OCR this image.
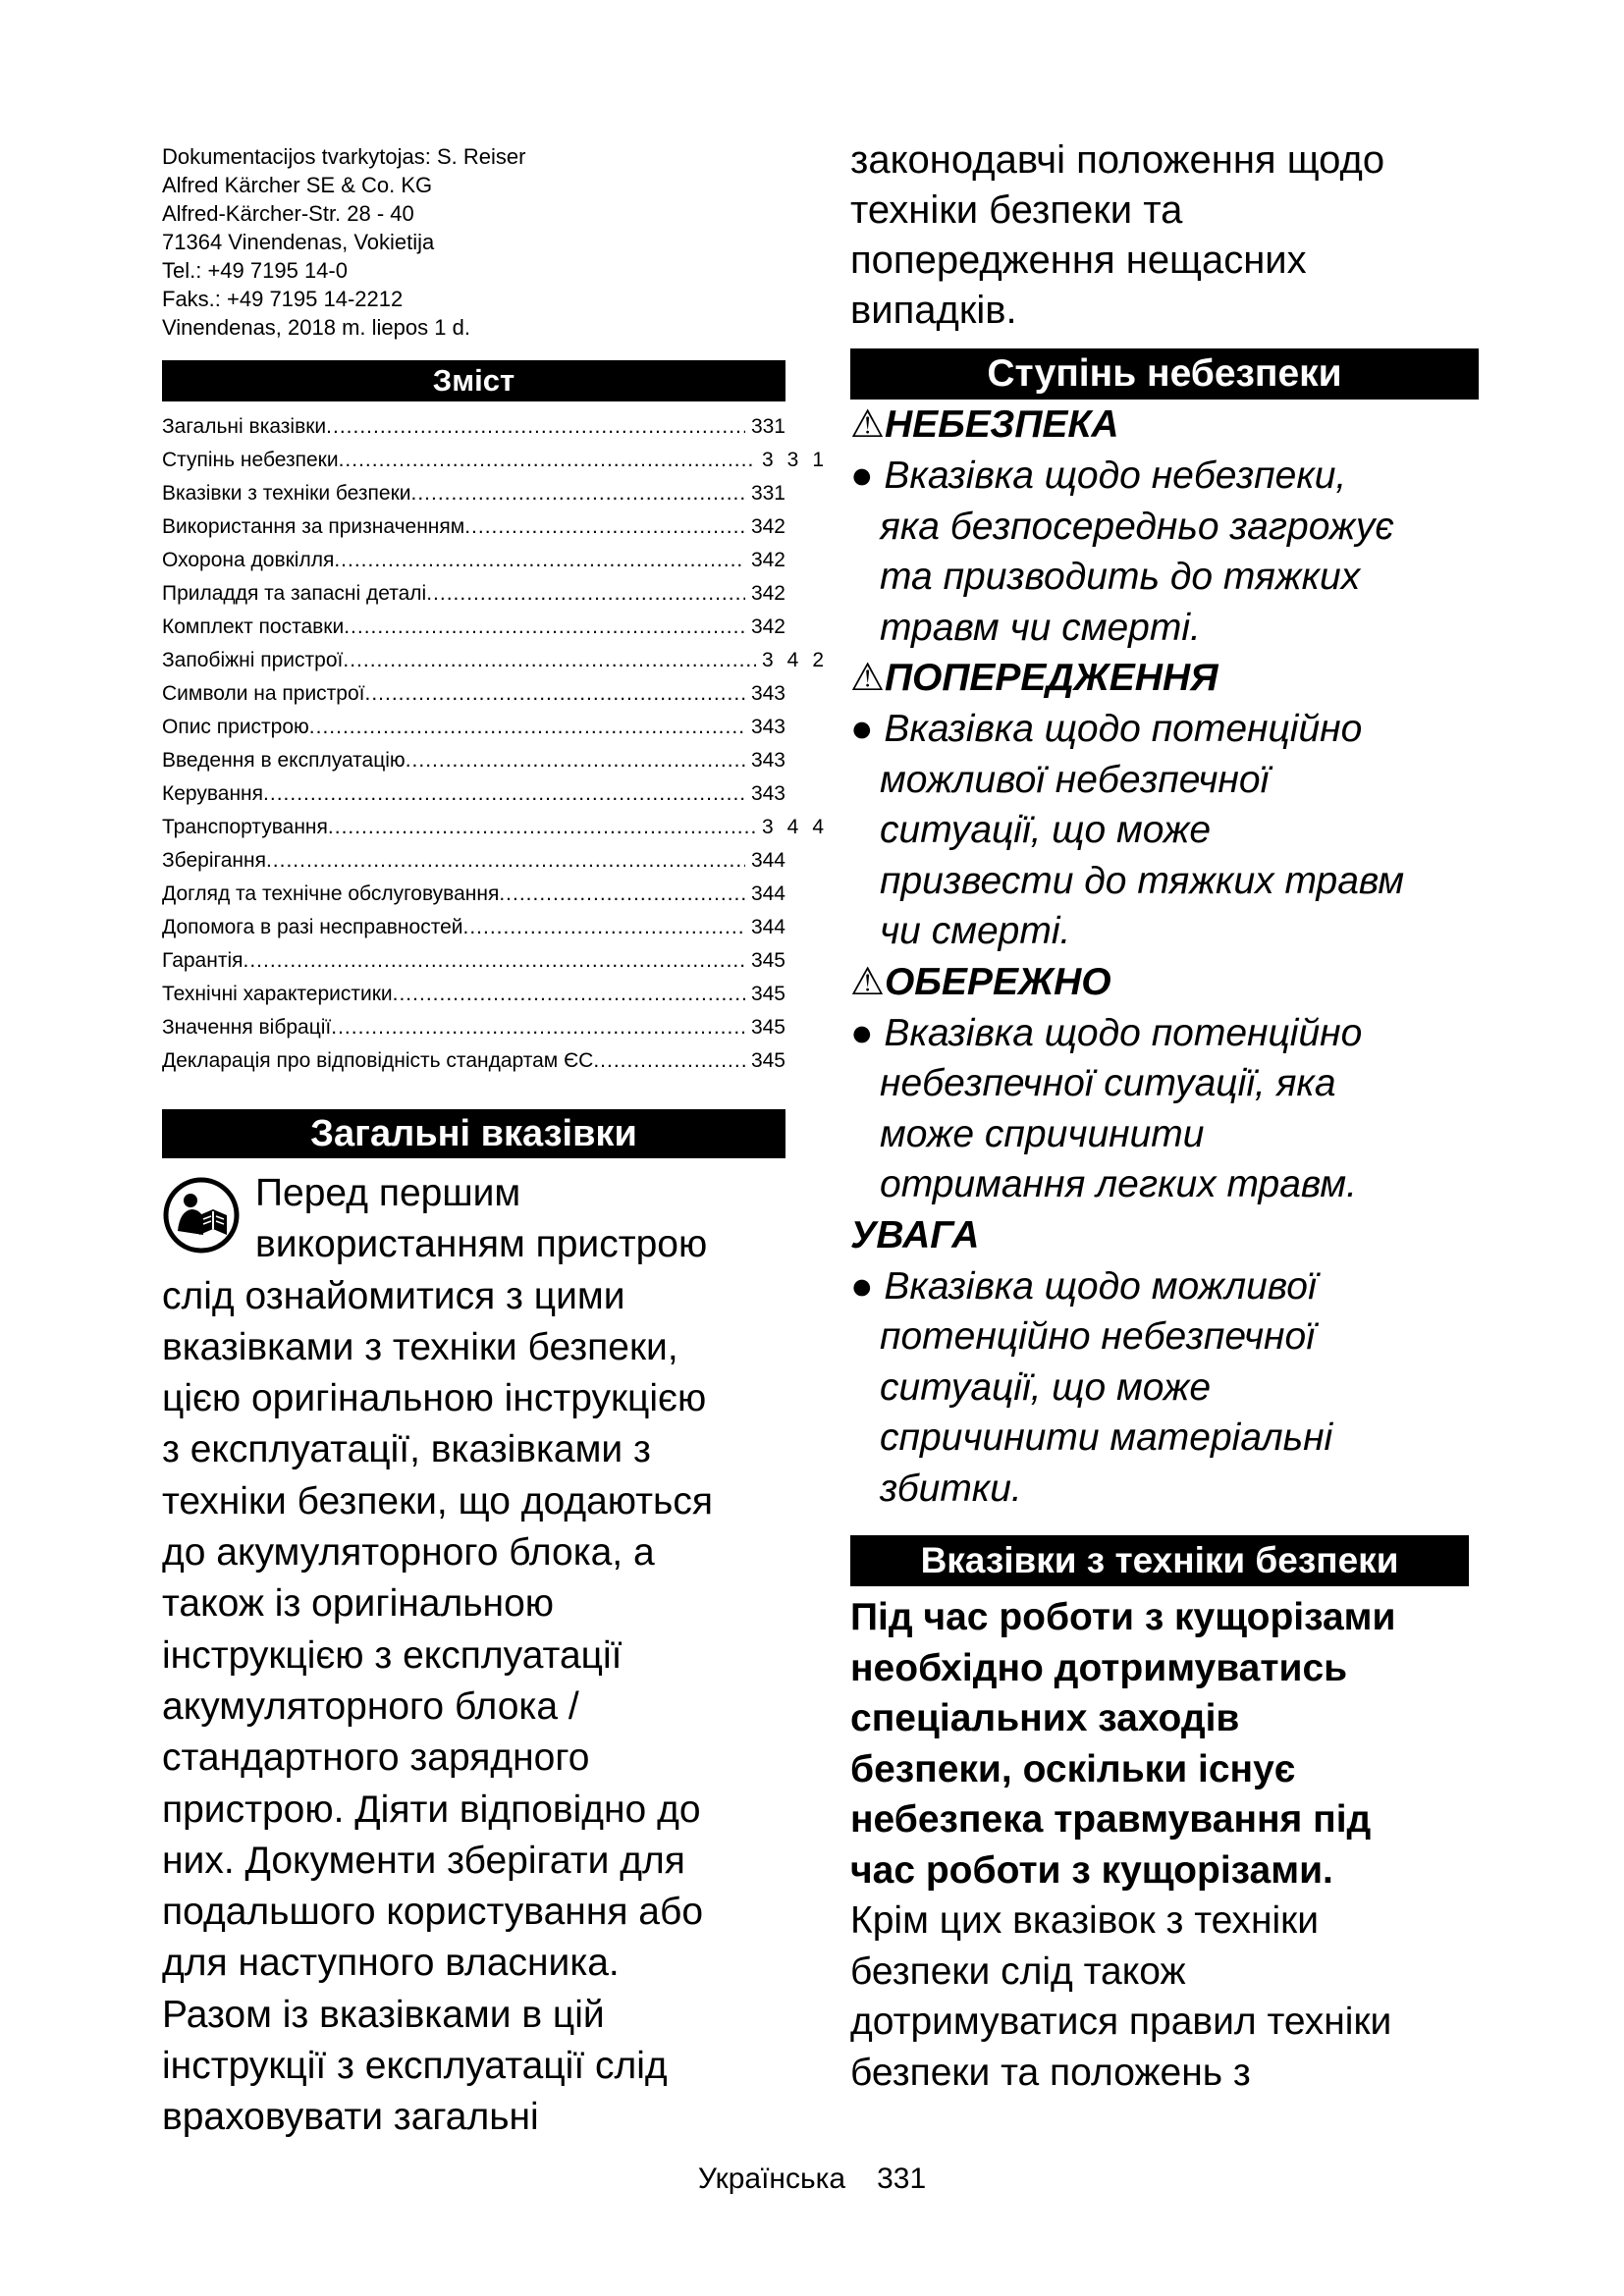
Dokumentacijos tvarkytojas: S. Reiser
Alfred Kärcher SE & Co. KG
Alfred-Kärcher-Str. 28 - 40
71364 Vinendenas, Vokietija
Tel.: +49 7195 14-0
Faks.: +49 7195 14-2212
Vinendenas, 2018 m. liepos 1 d.
Зміст
Загальні вказівки .....	331
Ступінь небезпеки .....	331
Вказівки з техніки безпеки .....	331
Використання за призначенням .....	342
Охорона довкілля .....	342
Приладдя та запасні деталі .....	342
Комплект поставки .....	342
Запобіжні пристрої .....	342
Символи на пристрої .....	343
Опис пристрою .....	343
Введення в експлуатацію .....	343
Керування .....	343
Транспортування .....	344
Зберігання .....	344
Догляд та технічне обслуговування .....	344
Допомога в разі несправностей .....	344
Гарантія .....	345
Технічні характеристики .....	345
Значення вібрації .....	345
Декларація про відповідність стандартам ЄС .....	345
Загальні вказівки
Перед першим
використанням пристрою
слід ознайомитися з цими
вказівками з техніки безпеки,
цією оригінальною інструкцією
з експлуатації, вказівками з
техніки безпеки, що додаються
до акумуляторного блока, а
також із оригінальною
інструкцією з експлуатації
акумуляторного блока /
стандартного зарядного
пристрою. Діяти відповідно до
них. Документи зберігати для
подальшого користування або
для наступного власника.
Разом із вказівками в цій
інструкції з експлуатації слід
враховувати загальні
законодавчі положення щодо
техніки безпеки та
попередження нещасних
випадків.
Ступінь небезпеки
⚠НЕБЕЗПЕКА
● Вказівка щодо небезпеки,
яка безпосередньо загрожує
та призводить до тяжких
травм чи смерті.
⚠ПОПЕРЕДЖЕННЯ
● Вказівка щодо потенційно
можливої небезпечної
ситуації, що може
призвести до тяжких травм
чи смерті.
⚠ОБЕРЕЖНО
● Вказівка щодо потенційно
небезпечної ситуації, яка
може спричинити
отримання легких травм.
УВАГА
● Вказівка щодо можливої
потенційно небезпечної
ситуації, що може
спричинити матеріальні
збитки.
Вказівки з техніки безпеки
Під час роботи з кущорізами
необхідно дотримуватись
спеціальних заходів
безпеки, оскільки існує
небезпека травмування під
час роботи з кущорізами.
Крім цих вказівок з техніки
безпеки слід також
дотримуватися правил техніки
безпеки та положень з
Українська 331
